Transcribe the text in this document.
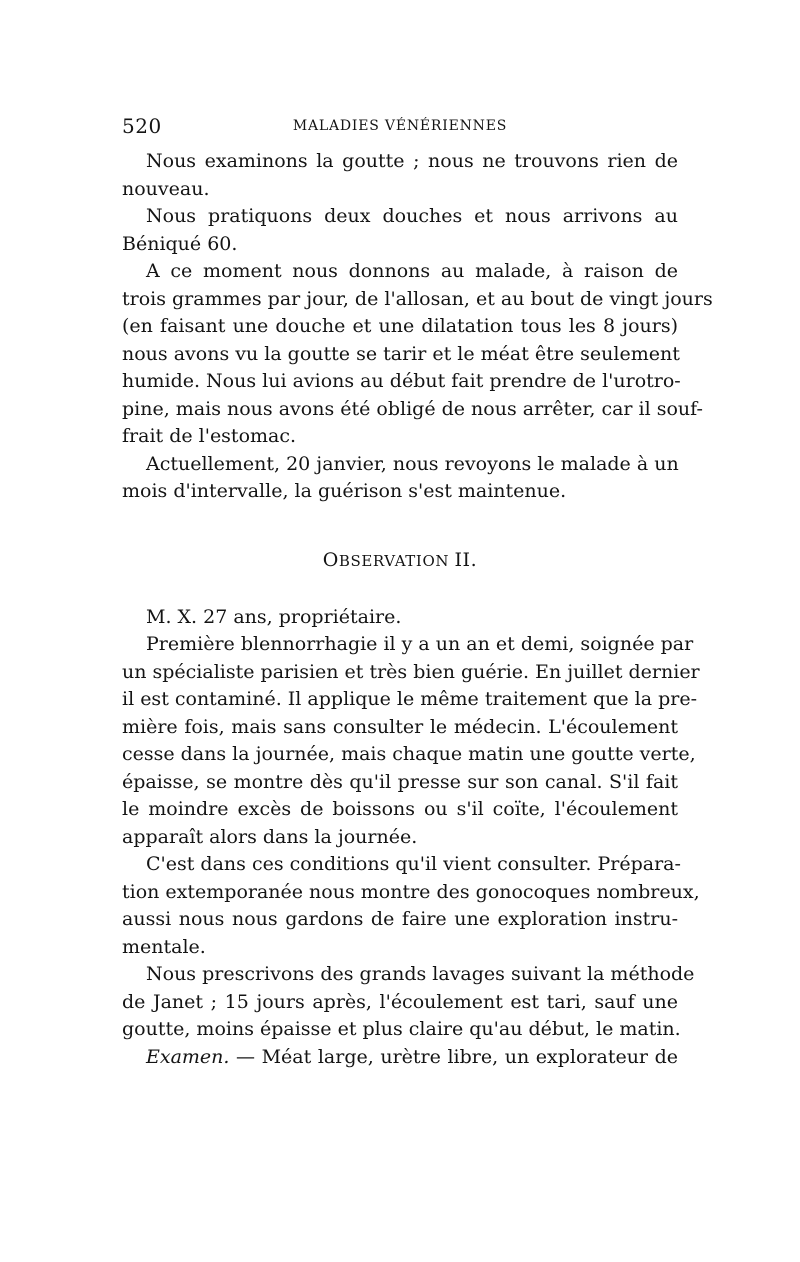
520	MALADIES VÉNÉRIENNES
Nous examinons la goutte ; nous ne trouvons rien de
nouveau.
Nous pratiquons deux douches et nous arrivons au
Béniqué 60.
A ce moment nous donnons au malade, à raison de
trois grammes par jour, de l'allosan, et au bout de vingt jours
(en faisant une douche et une dilatation tous les 8 jours)
nous avons vu la goutte se tarir et le méat être seulement
humide. Nous lui avions au début fait prendre de l'urotro-
pine, mais nous avons été obligé de nous arrêter, car il souf-
frait de l'estomac.
Actuellement, 20 janvier, nous revoyons le malade à un
mois d'intervalle, la guérison s'est maintenue.
OBSERVATION II.
M. X. 27 ans, propriétaire.
Première blennorrhagie il y a un an et demi, soignée par
un spécialiste parisien et très bien guérie. En juillet dernier
il est contaminé. Il applique le même traitement que la pre-
mière fois, mais sans consulter le médecin. L'écoulement
cesse dans la journée, mais chaque matin une goutte verte,
épaisse, se montre dès qu'il presse sur son canal. S'il fait
le moindre excès de boissons ou s'il coïte, l'écoulement
apparaît alors dans la journée.
C'est dans ces conditions qu'il vient consulter. Prépara-
tion extemporanée nous montre des gonocoques nombreux,
aussi nous nous gardons de faire une exploration instru-
mentale.
Nous prescrivons des grands lavages suivant la méthode
de Janet ; 15 jours après, l'écoulement est tari, sauf une
goutte, moins épaisse et plus claire qu'au début, le matin.
Examen. — Méat large, urètre libre, un explorateur de
